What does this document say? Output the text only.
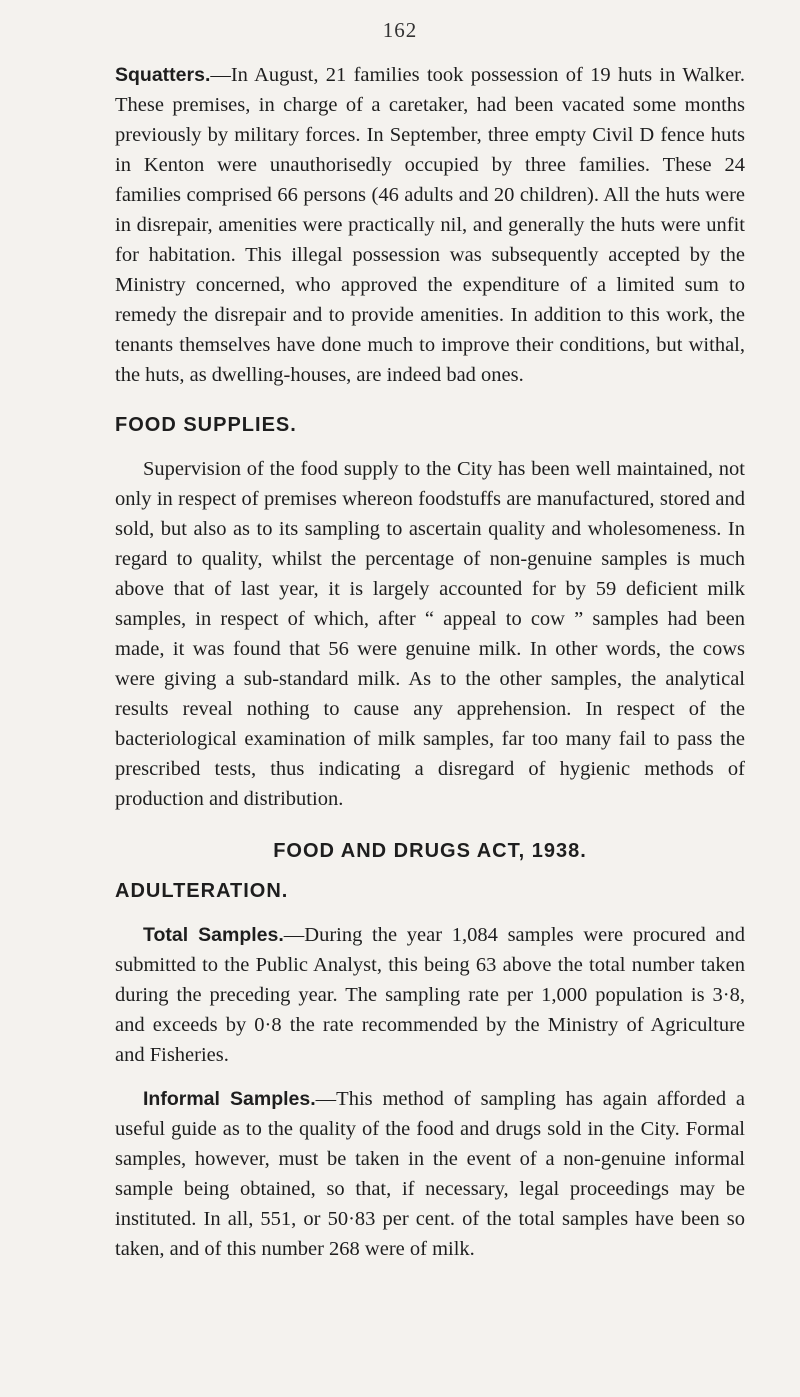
162

Squatters.—In August, 21 families took possession of 19 huts in Walker. These premises, in charge of a caretaker, had been vacated some months previously by military forces. In September, three empty Civil D fence huts in Kenton were unauthorisedly occupied by three families. These 24 families comprised 66 persons (46 adults and 20 children). All the huts were in disrepair, amenities were practically nil, and generally the huts were unfit for habitation. This illegal possession was subsequently accepted by the Ministry concerned, who approved the expenditure of a limited sum to remedy the disrepair and to provide amenities. In addition to this work, the tenants themselves have done much to improve their conditions, but withal, the huts, as dwelling-houses, are indeed bad ones.

FOOD SUPPLIES.

Supervision of the food supply to the City has been well maintained, not only in respect of premises whereon foodstuffs are manufactured, stored and sold, but also as to its sampling to ascertain quality and wholesomeness. In regard to quality, whilst the percentage of non-genuine samples is much above that of last year, it is largely accounted for by 59 deficient milk samples, in respect of which, after “ appeal to cow ” samples had been made, it was found that 56 were genuine milk. In other words, the cows were giving a sub-standard milk. As to the other samples, the analytical results reveal nothing to cause any apprehension. In respect of the bacteriological examination of milk samples, far too many fail to pass the prescribed tests, thus indicating a disregard of hygienic methods of production and distribution.

FOOD AND DRUGS ACT, 1938.
ADULTERATION.

Total Samples.—During the year 1,084 samples were procured and submitted to the Public Analyst, this being 63 above the total number taken during the preceding year. The sampling rate per 1,000 population is 3·8, and exceeds by 0·8 the rate recommended by the Ministry of Agriculture and Fisheries.

Informal Samples.—This method of sampling has again afforded a useful guide as to the quality of the food and drugs sold in the City. Formal samples, however, must be taken in the event of a non-genuine informal sample being obtained, so that, if necessary, legal proceedings may be instituted. In all, 551, or 50·83 per cent. of the total samples have been so taken, and of this number 268 were of milk.
